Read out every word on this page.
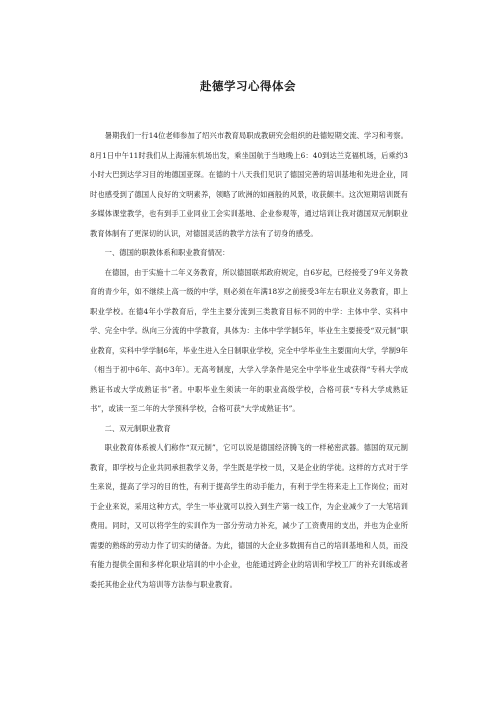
赴德学习心得体会

暑期我们一行14位老师参加了绍兴市教育局职成教研究会组织的赴德短期交流、学习和考察。8月1日中午11时我们从上海浦东机场出发，乘坐国航于当地晚上6：40到达兰克福机场，后乘约3小时大巴到达学习目的地德国亚琛。在德的十八天我们见识了德国完善的培训基地和先进企业，同时也感受到了德国人良好的文明素养，领略了欧洲的如画般的风景，收获颇丰。这次短期培训既有多媒体课堂教学，也有到手工业同业工会实训基地、企业参观等，通过培训让我对德国双元制职业教育体制有了更深切的认识，对德国灵活的教学方法有了切身的感受。

一、德国的职教体系和职业教育情况：

在德国，由于实施十二年义务教育，所以德国联邦政府规定，自6岁起，已经接受了9年义务教育的青少年，如不继续上高一级的中学，则必须在年满18岁之前接受3年左右职业义务教育，即上职业学校。在德4年小学教育后，学生主要分流到三类教育目标不同的中学：主体中学、实科中学、完全中学。纵向三分流的中学教育，具体为：主体中学学制5年，毕业生主要接受“双元制”职业教育，实科中学学制6年，毕业生进入全日制职业学校，完全中学毕业生主要面向大学，学制9年（相当于初中6年、高中3年）。无高考制度，大学入学条件是完全中学毕业生或获得“专科大学成熟证书或大学成熟证书”者。中职毕业生须读一年的职业高级学校，合格可获“专科大学成熟证书”，或读一至二年的大学预科学校，合格可获“大学成熟证书”。

二、双元制职业教育

职业教育体系被人们称作“双元制”，它可以说是德国经济腾飞的一样秘密武器。德国的双元制教育，即学校与企业共同承担教学义务，学生既是学校一员，又是企业的学徒。这样的方式对于学生来说，提高了学习的目的性，有利于提高学生的动手能力，有利于学生将来走上工作岗位；而对于企业来说，采用这种方式，学生一毕业就可以投入到生产第一线工作，为企业减少了一大笔培训费用。同时，又可以将学生的实训作为一部分劳动力补充，减少了工资费用的支出，并也为企业所需要的熟练的劳动力作了切实的储备。为此，德国的大企业多数拥有自己的培训基地和人员，而没有能力提供全面和多样化职业培训的中小企业，也能通过跨企业的培训和学校工厂的补充训练或者委托其他企业代为培训等方法参与职业教育。
